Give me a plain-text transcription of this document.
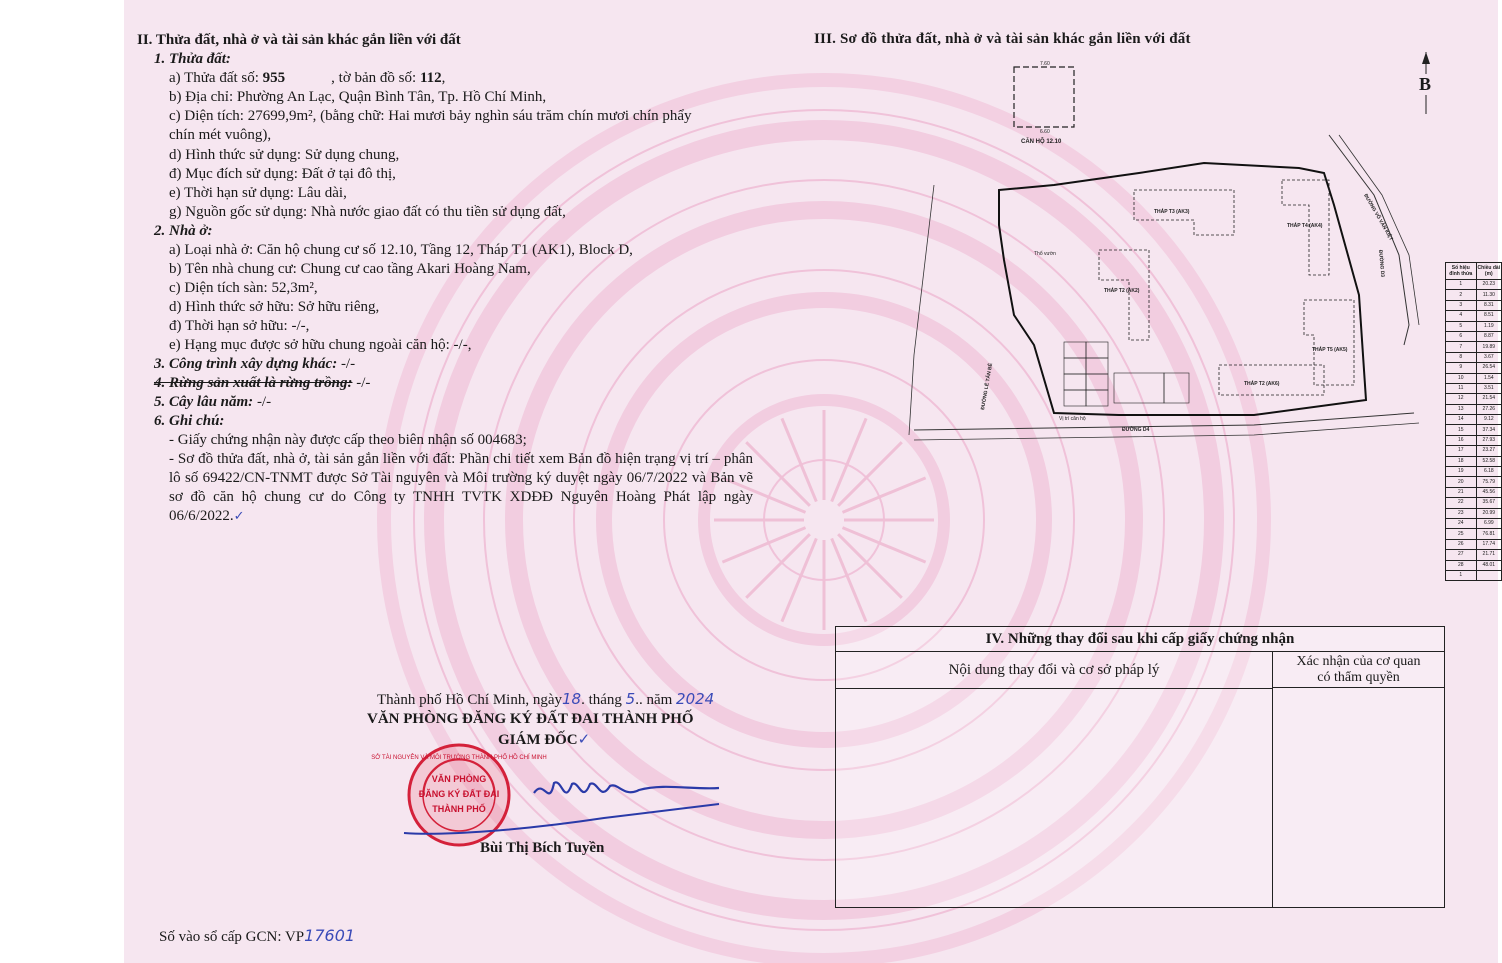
II. Thửa đất, nhà ở và tài sản khác gắn liền với đất
1. Thửa đất:
a) Thửa đất số: 955	, tờ bản đồ số: 112,
b) Địa chỉ: Phường An Lạc, Quận Bình Tân, Tp. Hồ Chí Minh,
c) Diện tích: 27699,9m², (bằng chữ: Hai mươi bảy nghìn sáu trăm chín mươi chín phẩy
chín mét vuông),
d) Hình thức sử dụng: Sử dụng chung,
đ) Mục đích sử dụng: Đất ở tại đô thị,
e) Thời hạn sử dụng: Lâu dài,
g) Nguồn gốc sử dụng: Nhà nước giao đất có thu tiền sử dụng đất,
2. Nhà ở:
a) Loại nhà ở: Căn hộ chung cư số 12.10, Tầng 12, Tháp T1 (AK1), Block D,
b) Tên nhà chung cư: Chung cư cao tầng Akari Hoàng Nam,
c) Diện tích sàn: 52,3m²,
d) Hình thức sở hữu: Sở hữu riêng,
đ) Thời hạn sở hữu: -/-,
e) Hạng mục được sở hữu chung ngoài căn hộ: -/-,
3. Công trình xây dựng khác: -/-
4. Rừng sản xuất là rừng trồng: -/-
5. Cây lâu năm: -/-
6. Ghi chú:
- Giấy chứng nhận này được cấp theo biên nhận số 004683;
- Sơ đồ thửa đất, nhà ở, tài sản gắn liền với đất: Phần chi tiết xem Bản đồ hiện trạng vị trí – phân lô số 69422/CN-TNMT được Sở Tài nguyên và Môi trường ký duyệt ngày 06/7/2022 và Bản vẽ sơ đồ căn hộ chung cư do Công ty TNHH TVTK XDĐĐ Nguyên Hoàng Phát lập ngày 06/6/2022.✓
Thành phố Hồ Chí Minh, ngày18. tháng 5.. năm 2024
VĂN PHÒNG ĐĂNG KÝ ĐẤT ĐAI THÀNH PHỐ
GIÁM ĐỐC✓
VĂN PHÒNG
ĐĂNG KÝ ĐẤT ĐAI
THÀNH PHỐ
SỞ TÀI NGUYÊN VÀ MÔI TRƯỜNG THÀNH PHỐ HỒ CHÍ MINH
Bùi Thị Bích Tuyền
Số vào sổ cấp GCN: VP17601
III. Sơ đồ thửa đất, nhà ở và tài sản khác gắn liền với đất
B
7.60
6.60
CĂN HỘ 12.10
THÁP T3 (AK3)
THÁP T4 (AK4)
THÁP T2 (AK2)
THÁP T5 (AK5)
THÁP T2 (AK6)
Vị trí căn hộ
Thổ vườn
ĐƯỜNG D4
ĐƯỜNG VÕ VĂN KIỆT
ĐƯỜNG D3
ĐƯỜNG LÊ TẤN BÊ
Số hiệu đỉnh thửa	Chiều dài (m)
1	20.23
2	11.30
3	8.31
4	8.51
5	1.19
6	8.87
7	19.89
8	3.67
9	26.54
10	1.54
11	3.51
12	21.54
13	27.26
14	9.12
15	37.34
16	27.93
17	23.27
18	52.58
19	6.18
20	75.79
21	45.56
22	35.67
23	20.99
24	6.99
25	76.81
26	17.74
27	21.71
28	48.01
1	
IV. Những thay đổi sau khi cấp giấy chứng nhận
Nội dung thay đổi và cơ sở pháp lý
Xác nhận của cơ quan
có thẩm quyền
